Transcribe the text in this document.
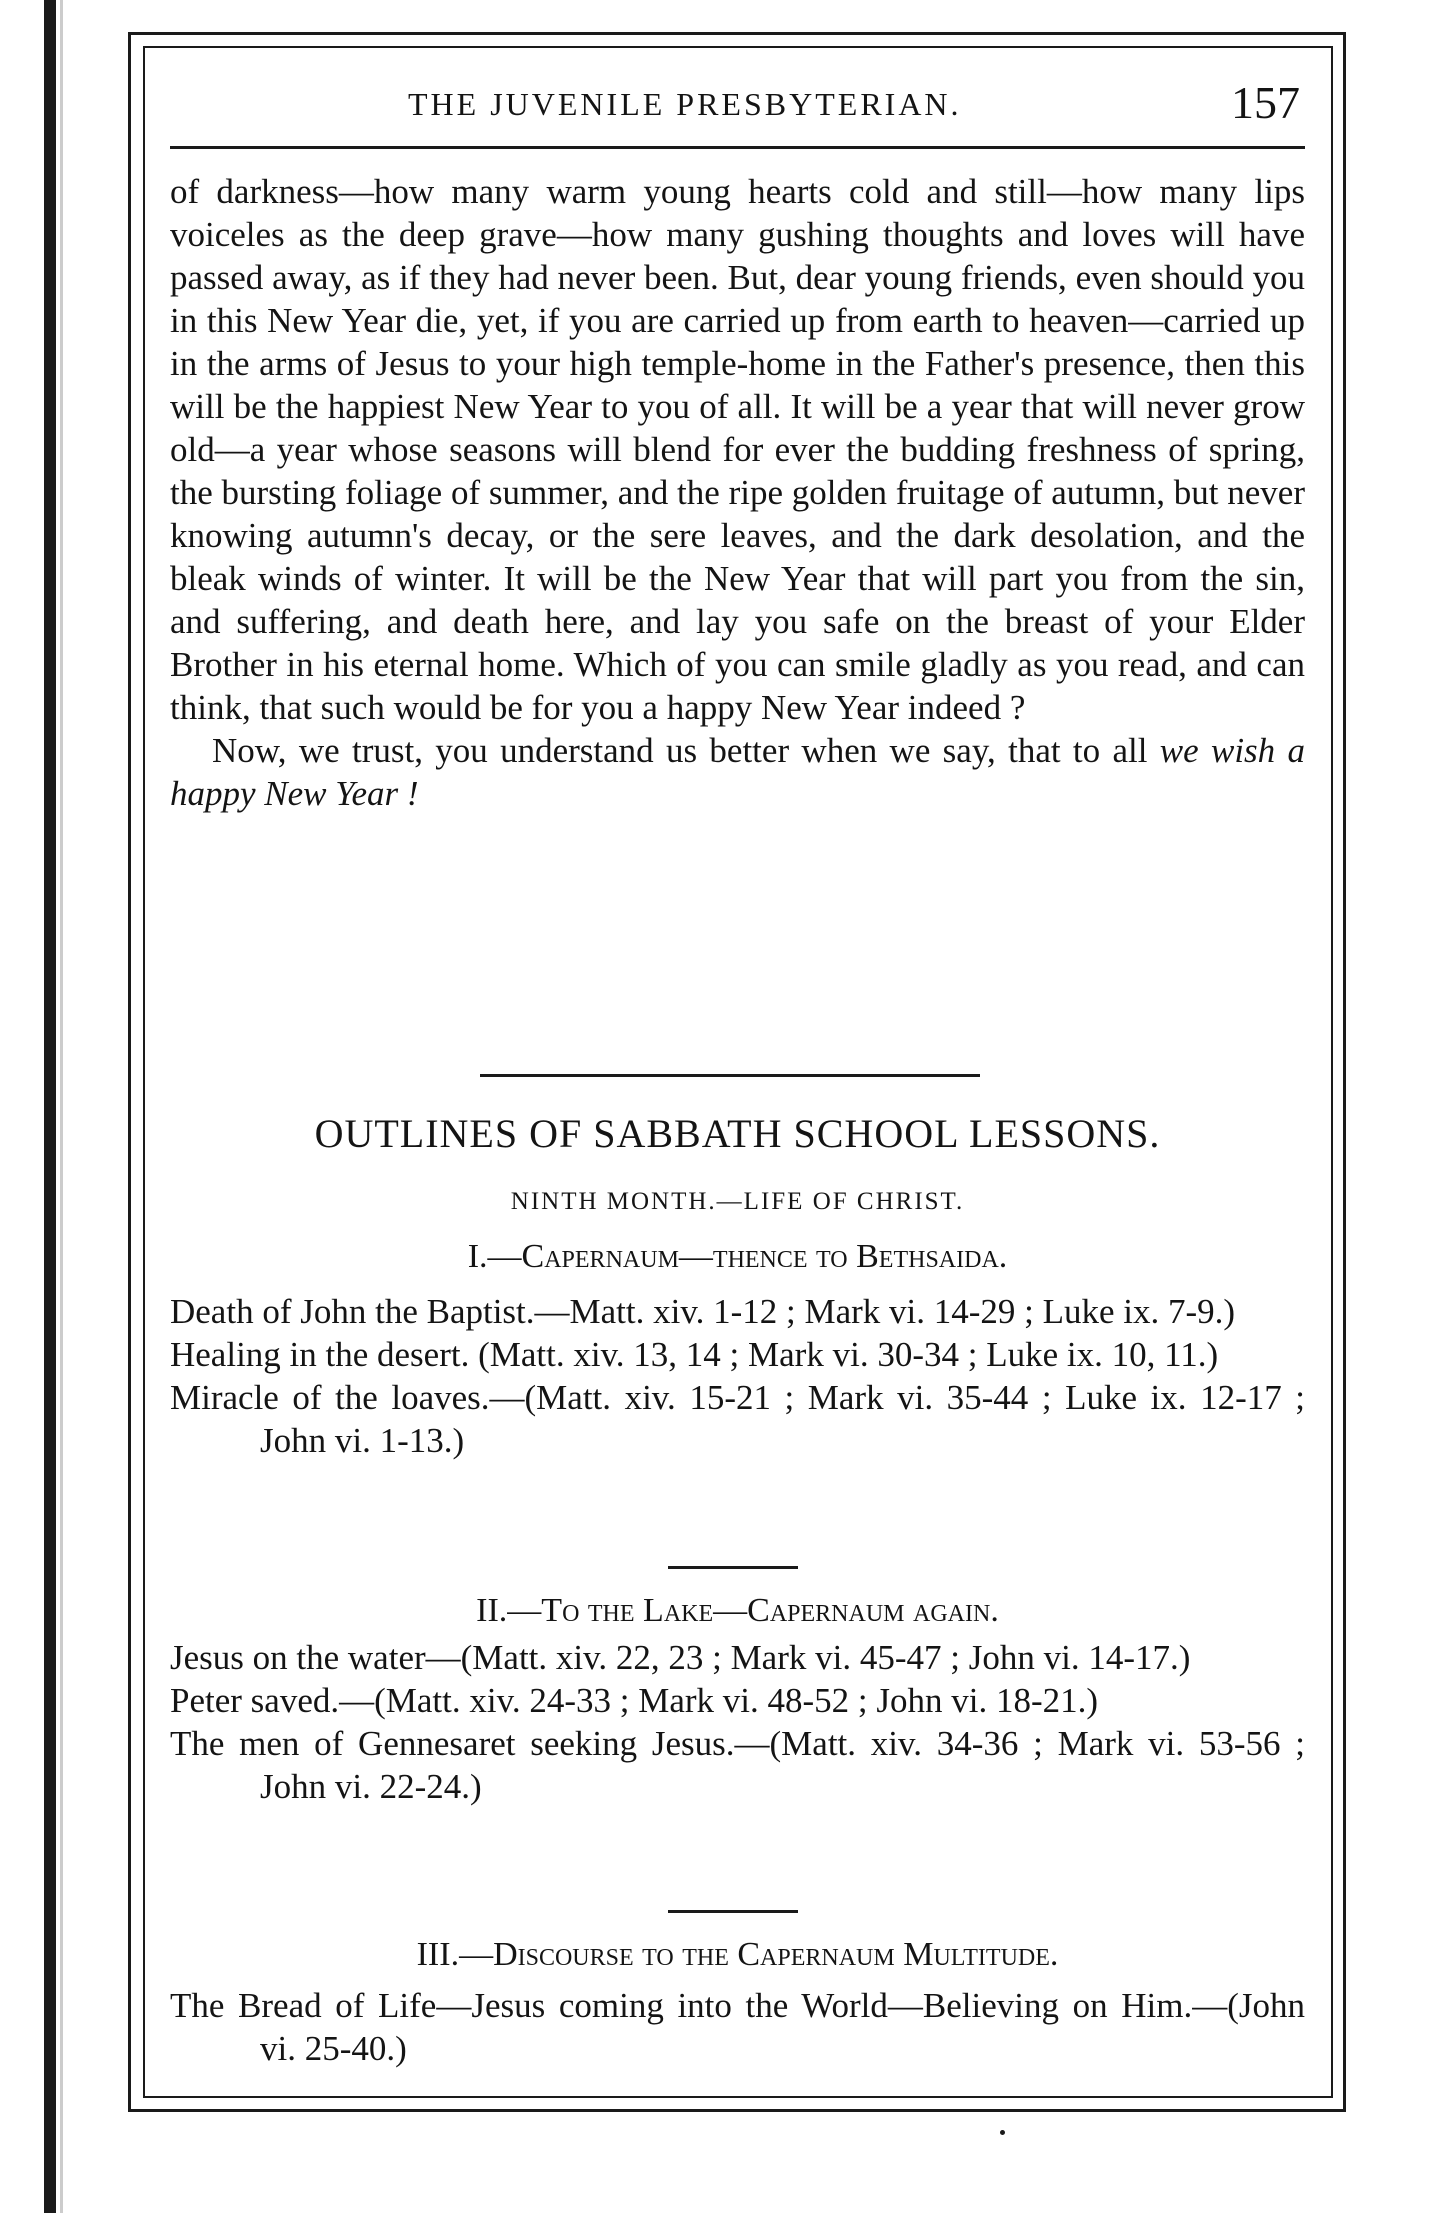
THE JUVENILE PRESBYTERIAN.	157

of darkness—how many warm young hearts cold and still—how many lips voiceles as the deep grave—how many gushing thoughts and loves will have passed away, as if they had never been. But, dear young friends, even should you in this New Year die, yet, if you are carried up from earth to heaven—carried up in the arms of Jesus to your high temple-home in the Father's presence, then this will be the happiest New Year to you of all. It will be a year that will never grow old—a year whose seasons will blend for ever the budding freshness of spring, the bursting foliage of summer, and the ripe golden fruitage of autumn, but never knowing autumn's decay, or the sere leaves, and the dark desolation, and the bleak winds of winter. It will be the New Year that will part you from the sin, and suffering, and death here, and lay you safe on the breast of your Elder Brother in his eternal home. Which of you can smile gladly as you read, and can think, that such would be for you a happy New Year indeed ?

Now, we trust, you understand us better when we say, that to all we wish a happy New Year !

OUTLINES OF SABBATH SCHOOL LESSONS.
NINTH MONTH.—LIFE OF CHRIST.
I.—Capernaum—thence to Bethsaida.

Death of John the Baptist.—Matt. xiv. 1-12 ; Mark vi. 14-29 ; Luke ix. 7-9.)

Healing in the desert. (Matt. xiv. 13, 14 ; Mark vi. 30-34 ; Luke ix. 10, 11.)

Miracle of the loaves.—(Matt. xiv. 15-21 ; Mark vi. 35-44 ; Luke ix. 12-17 ; John vi. 1-13.)

II.—To the Lake—Capernaum again.

Jesus on the water—(Matt. xiv. 22, 23 ; Mark vi. 45-47 ; John vi. 14-17.)

Peter saved.—(Matt. xiv. 24-33 ; Mark vi. 48-52 ; John vi. 18-21.)

The men of Gennesaret seeking Jesus.—(Matt. xiv. 34-36 ; Mark vi. 53-56 ; John vi. 22-24.)

III.—Discourse to the Capernaum Multitude.

The Bread of Life—Jesus coming into the World—Believing on Him.—(John vi. 25-40.)
